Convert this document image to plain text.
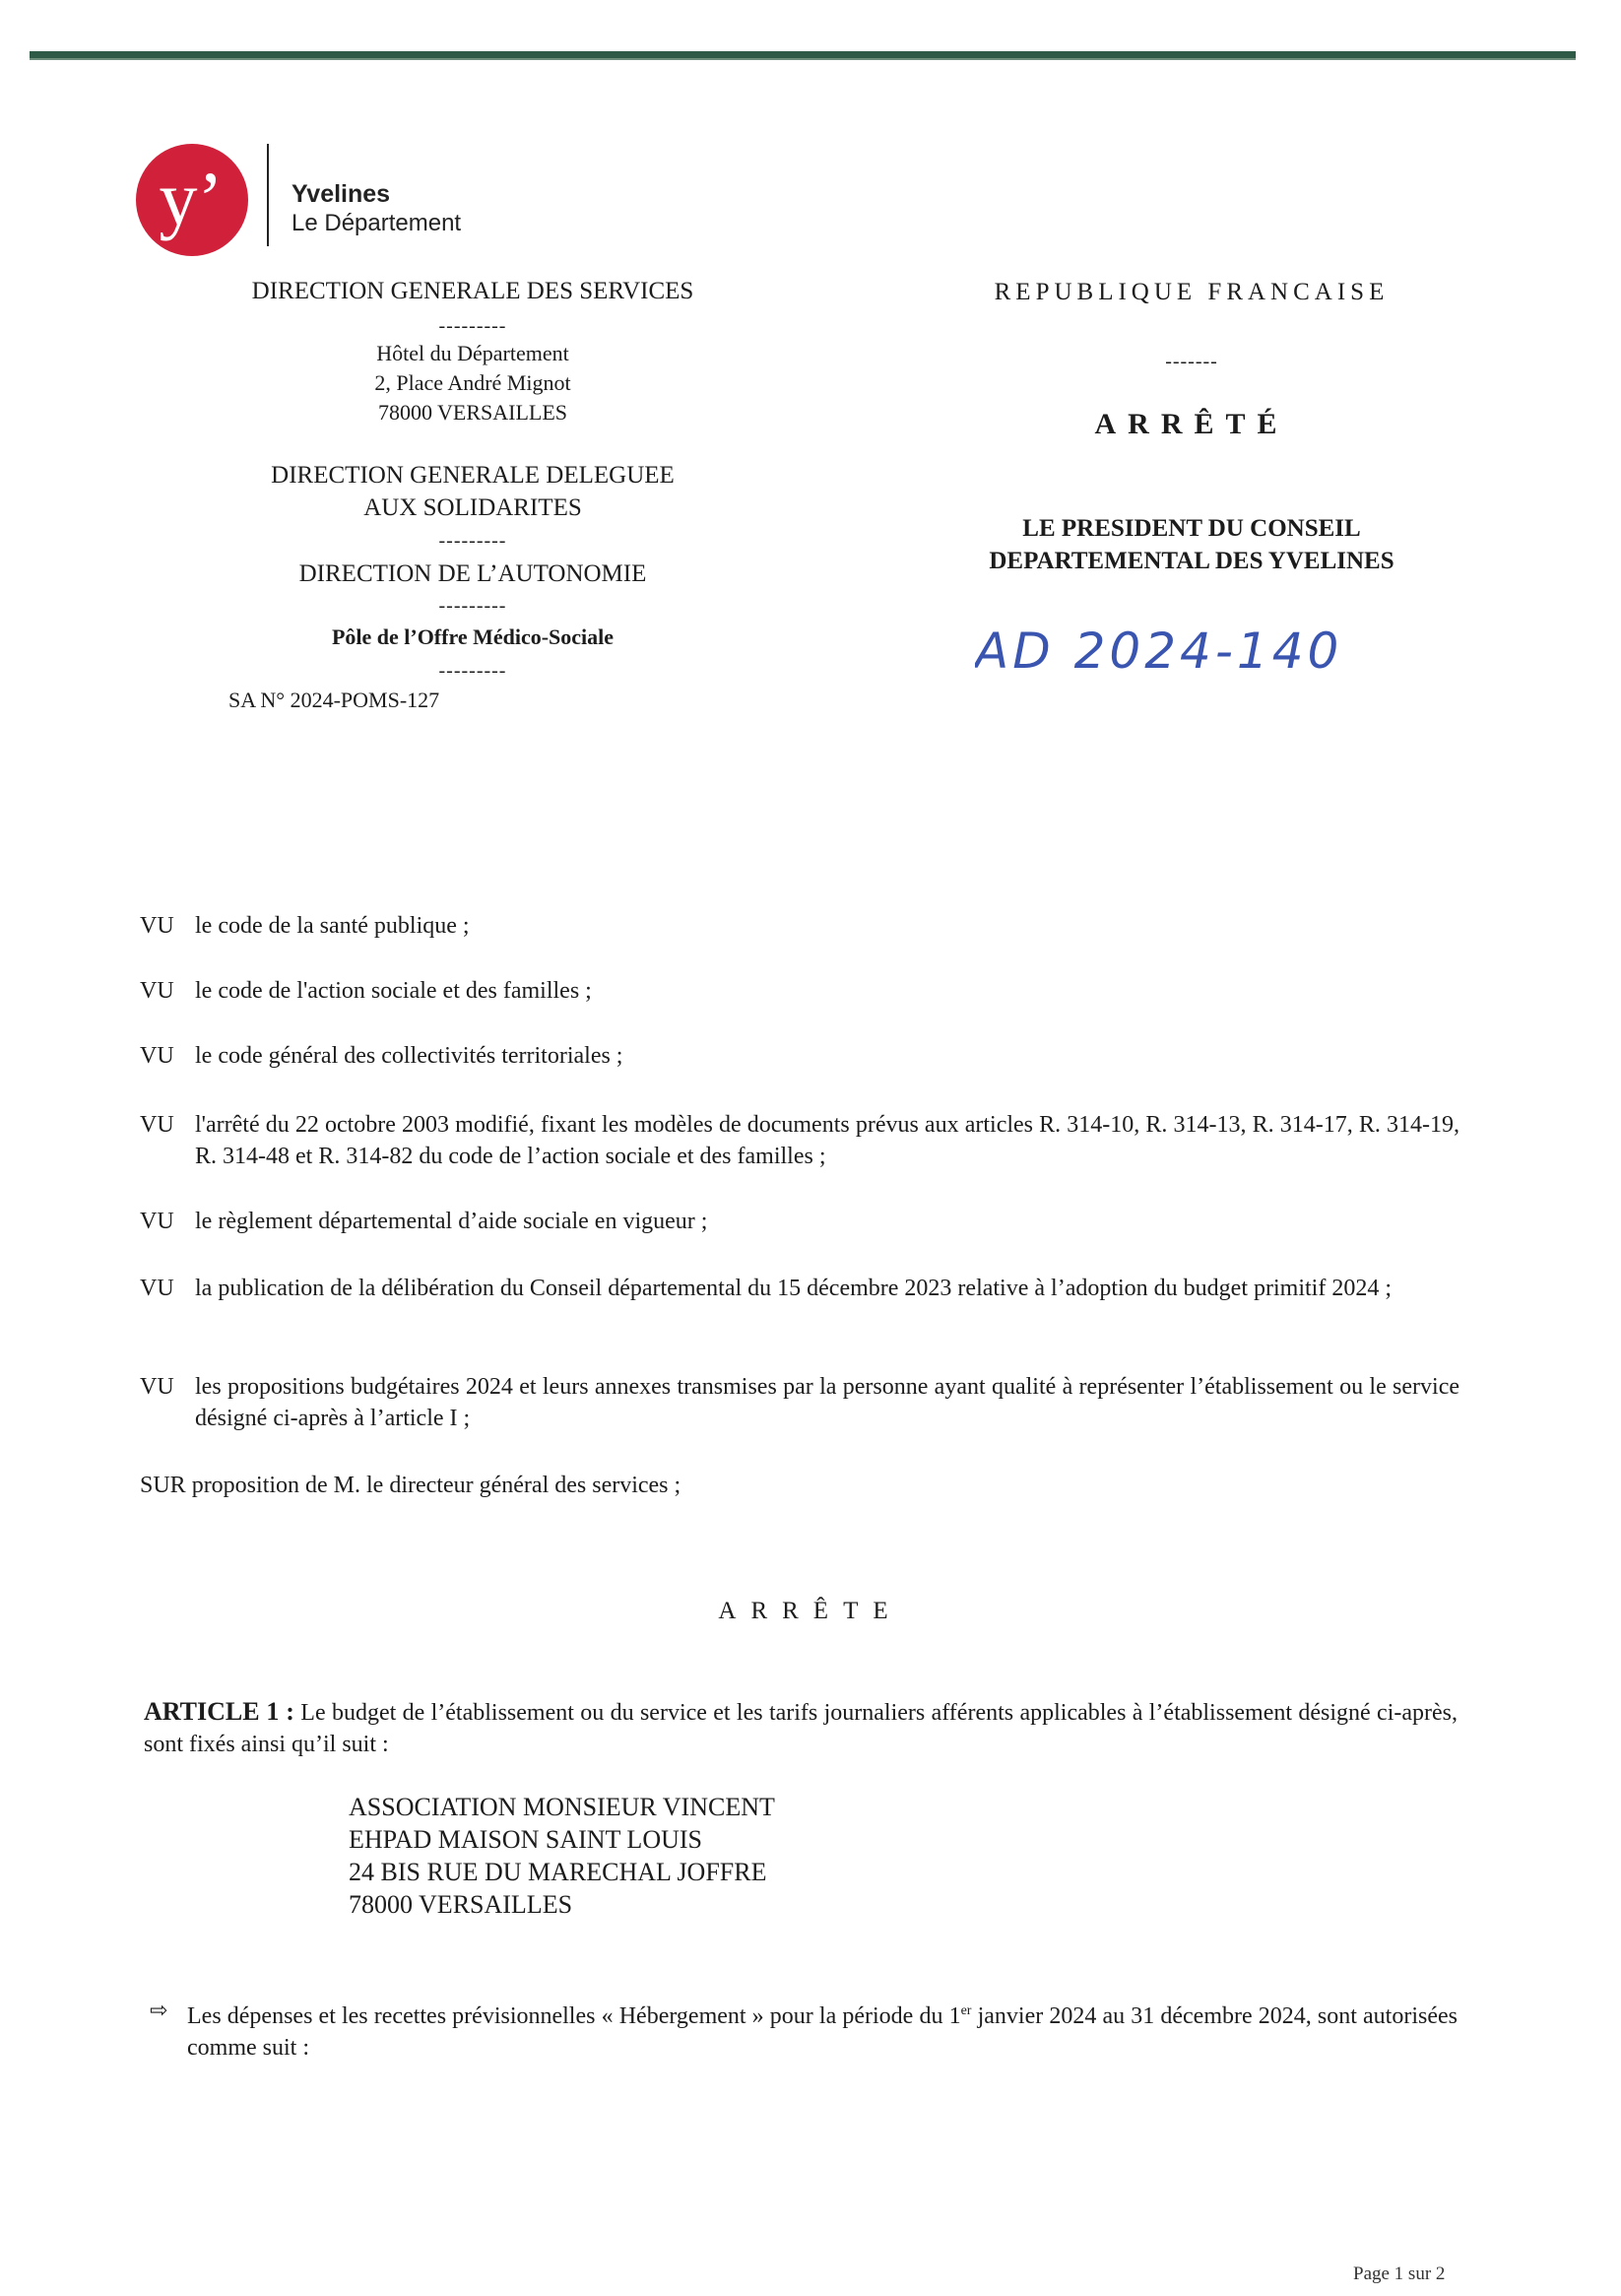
y’	Yvelines
Le Département
DIRECTION GENERALE DES SERVICES
---------
Hôtel du Département
2, Place André Mignot
78000 VERSAILLES
DIRECTION GENERALE DELEGUEE
AUX SOLIDARITES
---------
DIRECTION DE L’AUTONOMIE
---------
Pôle de l’Offre Médico-Sociale
---------
SA N° 2024-POMS-127
REPUBLIQUE FRANCAISE
-------
ARRÊTÉ
LE PRESIDENT DU CONSEIL
DEPARTEMENTAL DES YVELINES
AD 2024-140
VU le code de la santé publique ;
VU le code de l'action sociale et des familles ;
VU le code général des collectivités territoriales ;
VU l'arrêté du 22 octobre 2003 modifié, fixant les modèles de documents prévus aux articles R. 314-10, R. 314-13, R. 314-17, R. 314-19, R. 314-48 et R. 314-82 du code de l’action sociale et des familles ;
VU le règlement départemental d’aide sociale en vigueur ;
VU la publication de la délibération du Conseil départemental du 15 décembre 2023 relative à l’adoption du budget primitif 2024 ;
VU les propositions budgétaires 2024 et leurs annexes transmises par la personne ayant qualité à représenter l’établissement ou le service désigné ci-après à l’article I ;
SUR proposition de M. le directeur général des services ;
ARRÊTE
ARTICLE 1 : Le budget de l’établissement ou du service et les tarifs journaliers afférents applicables à l’établissement désigné ci-après, sont fixés ainsi qu’il suit :
ASSOCIATION MONSIEUR VINCENT
EHPAD MAISON SAINT LOUIS
24 BIS RUE DU MARECHAL JOFFRE
78000 VERSAILLES
⇨ Les dépenses et les recettes prévisionnelles « Hébergement » pour la période du 1er janvier 2024 au 31 décembre 2024, sont autorisées comme suit :
Page 1 sur 2
